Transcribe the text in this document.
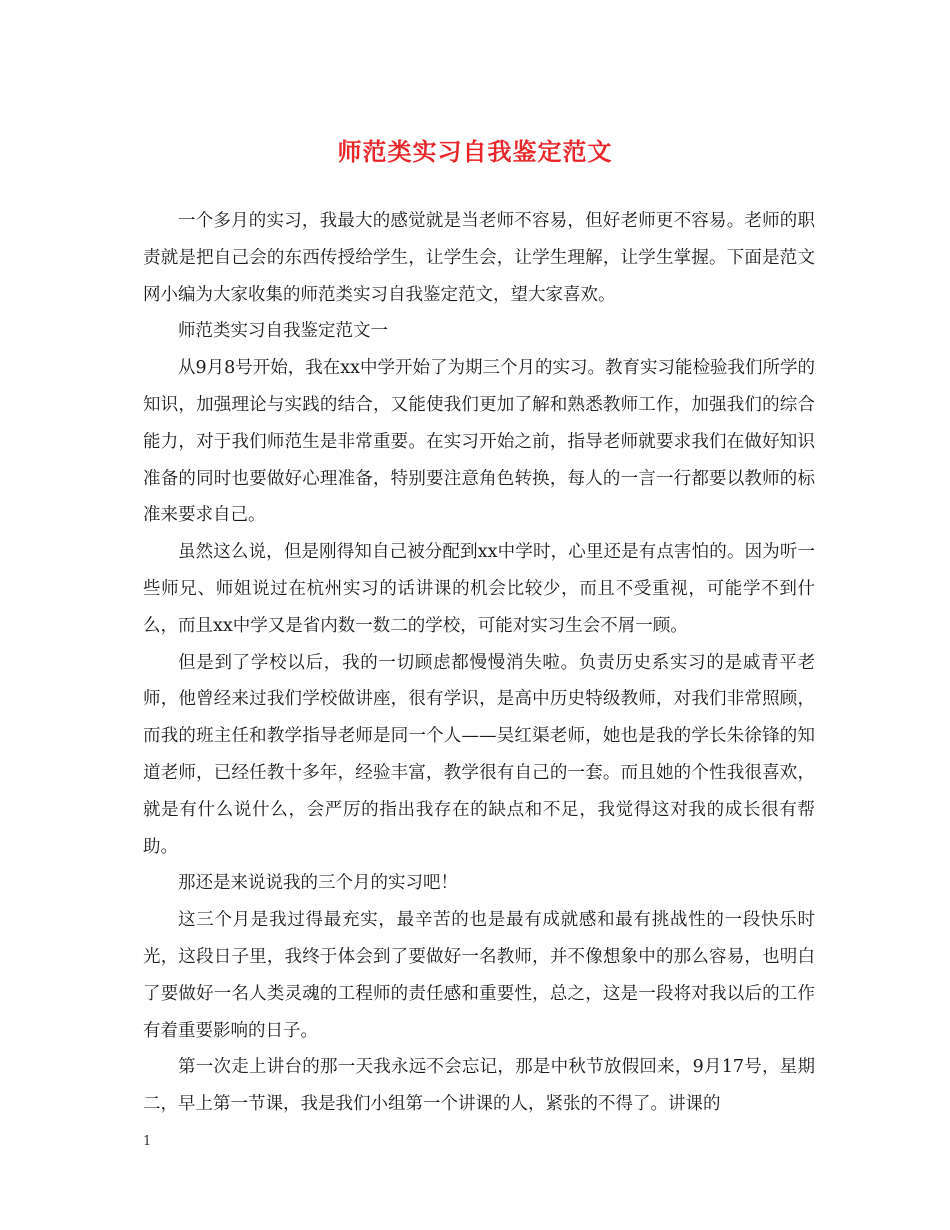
师范类实习自我鉴定范文

一个多月的实习，我最大的感觉就是当老师不容易，但好老师更不容易。老师的职责就是把自己会的东西传授给学生，让学生会，让学生理解，让学生掌握。下面是范文网小编为大家收集的师范类实习自我鉴定范文，望大家喜欢。

师范类实习自我鉴定范文一

从9月8号开始，我在xx中学开始了为期三个月的实习。教育实习能检验我们所学的知识，加强理论与实践的结合，又能使我们更加了解和熟悉教师工作，加强我们的综合能力，对于我们师范生是非常重要。在实习开始之前，指导老师就要求我们在做好知识准备的同时也要做好心理准备，特别要注意角色转换，每人的一言一行都要以教师的标准来要求自己。

虽然这么说，但是刚得知自己被分配到xx中学时，心里还是有点害怕的。因为听一些师兄、师姐说过在杭州实习的话讲课的机会比较少，而且不受重视，可能学不到什么，而且xx中学又是省内数一数二的学校，可能对实习生会不屑一顾。

但是到了学校以后，我的一切顾虑都慢慢消失啦。负责历史系实习的是戚青平老师，他曾经来过我们学校做讲座，很有学识，是高中历史特级教师，对我们非常照顾，而我的班主任和教学指导老师是同一个人——吴红渠老师，她也是我的学长朱徐锋的知道老师，已经任教十多年，经验丰富，教学很有自己的一套。而且她的个性我很喜欢，就是有什么说什么，会严厉的指出我存在的缺点和不足，我觉得这对我的成长很有帮助。

那还是来说说我的三个月的实习吧！

这三个月是我过得最充实，最辛苦的也是最有成就感和最有挑战性的一段快乐时光，这段日子里，我终于体会到了要做好一名教师，并不像想象中的那么容易，也明白了要做好一名人类灵魂的工程师的责任感和重要性，总之，这是一段将对我以后的工作有着重要影响的日子。

第一次走上讲台的那一天我永远不会忘记，那是中秋节放假回来，9月17号，星期二，早上第一节课，我是我们小组第一个讲课的人，紧张的不得了。讲课的

1
